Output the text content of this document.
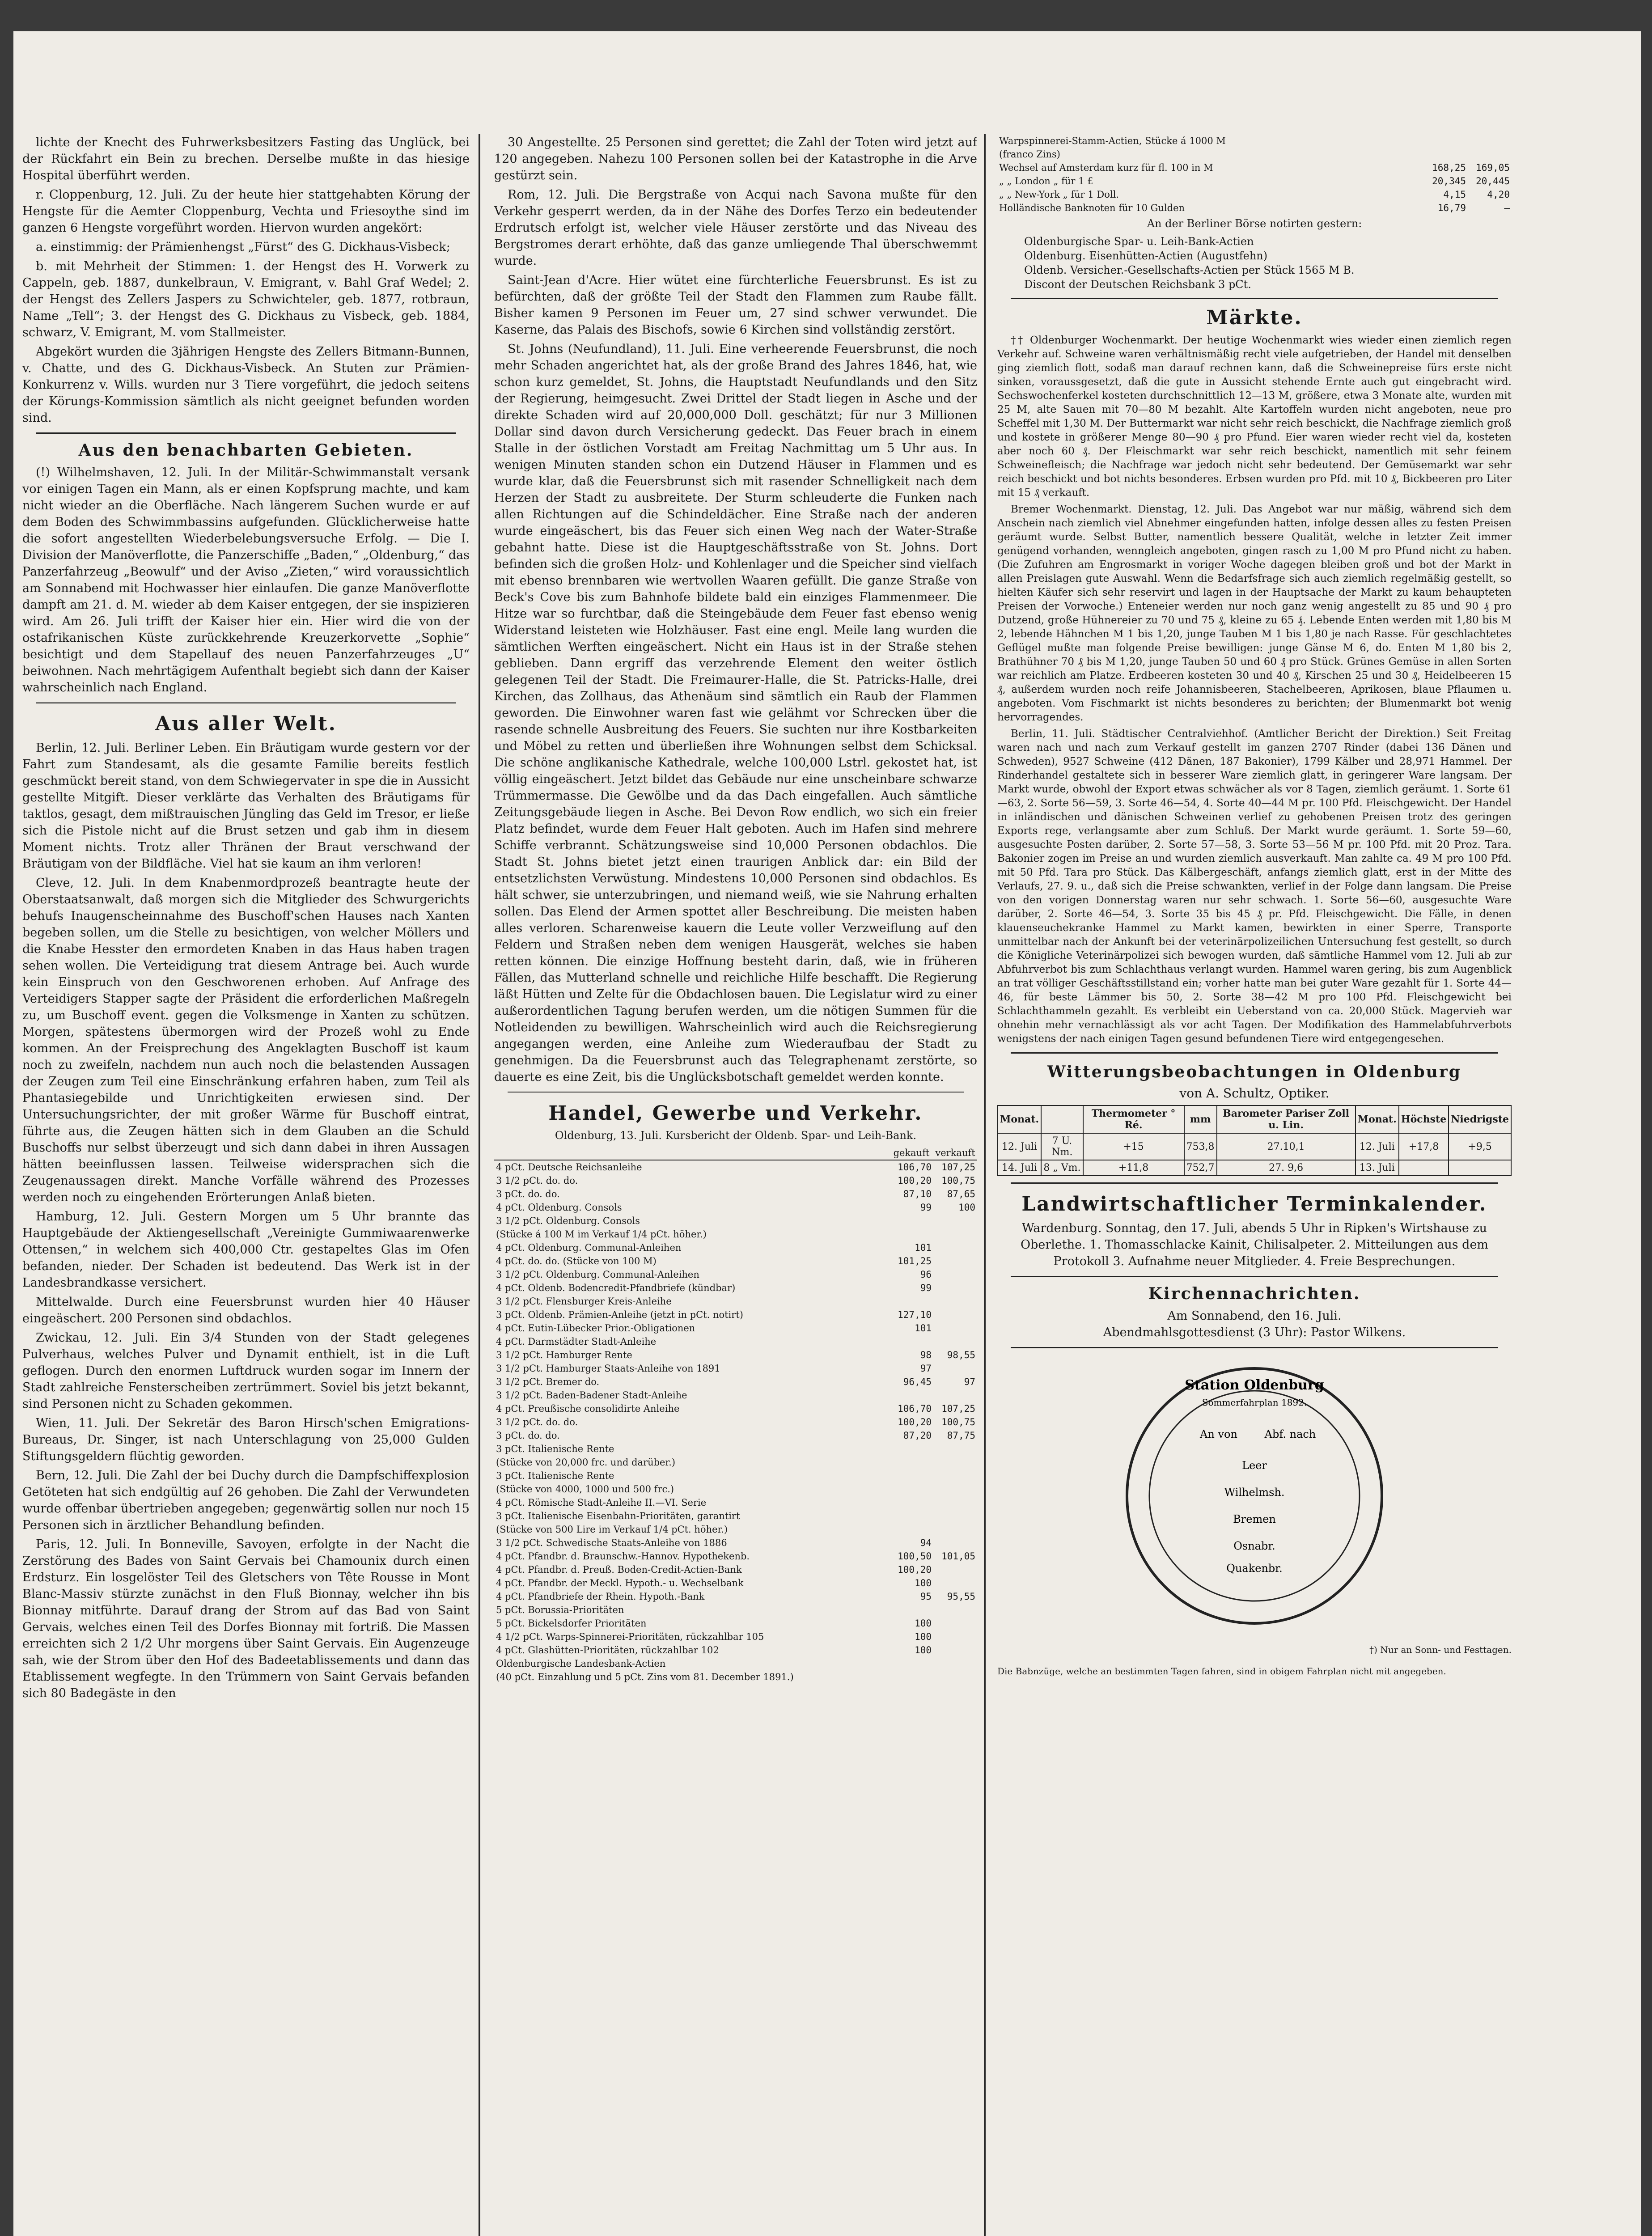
lichte der Knecht des Fuhrwerksbesitzers Fasting das Unglück, bei der Rückfahrt ein Bein zu brechen. Derselbe mußte in das hiesige Hospital überführt werden.

r. Cloppenburg, 12. Juli. Zu der heute hier stattgehabten Körung der Hengste für die Aemter Cloppenburg, Vechta und Friesoythe sind im ganzen 6 Hengste vorgeführt worden. Hiervon wurden angekört:

a. einstimmig: der Prämienhengst „Fürst“ des G. Dickhaus-Visbeck;

b. mit Mehrheit der Stimmen: 1. der Hengst des H. Vorwerk zu Cappeln, geb. 1887, dunkelbraun, V. Emigrant, v. Bahl Graf Wedel; 2. der Hengst des Zellers Jaspers zu Schwichteler, geb. 1877, rotbraun, Name „Tell“; 3. der Hengst des G. Dickhaus zu Visbeck, geb. 1884, schwarz, V. Emigrant, M. vom Stallmeister.

Abgekört wurden die 3jährigen Hengste des Zellers Bitmann-Bunnen, v. Chatte, und des G. Dickhaus-Visbeck. An Stuten zur Prämien-Konkurrenz v. Wills. wurden nur 3 Tiere vorgeführt, die jedoch seitens der Körungs-Kommission sämtlich als nicht geeignet befunden worden sind.

Aus den benachbarten Gebieten.

(!) Wilhelmshaven, 12. Juli. In der Militär-Schwimmanstalt versank vor einigen Tagen ein Mann, als er einen Kopfsprung machte, und kam nicht wieder an die Oberfläche. Nach längerem Suchen wurde er auf dem Boden des Schwimmbassins aufgefunden. Glücklicherweise hatte die sofort angestellten Wiederbelebungsversuche Erfolg. — Die I. Division der Manöverflotte, die Panzerschiffe „Baden,“ „Oldenburg,“ das Panzerfahrzeug „Beowulf“ und der Aviso „Zieten,“ wird voraussichtlich am Sonnabend mit Hochwasser hier einlaufen. Die ganze Manöverflotte dampft am 21. d. M. wieder ab dem Kaiser entgegen, der sie inspizieren wird. Am 26. Juli trifft der Kaiser hier ein. Hier wird die von der ostafrikanischen Küste zurückkehrende Kreuzerkorvette „Sophie“ besichtigt und dem Stapellauf des neuen Panzerfahrzeuges „U“ beiwohnen. Nach mehrtägigem Aufenthalt begiebt sich dann der Kaiser wahrscheinlich nach England.

Aus aller Welt.

Berlin, 12. Juli. Berliner Leben. Ein Bräutigam wurde gestern vor der Fahrt zum Standesamt, als die gesamte Familie bereits festlich geschmückt bereit stand, von dem Schwiegervater in spe die in Aussicht gestellte Mitgift. Dieser verklärte das Verhalten des Bräutigams für taktlos, gesagt, dem mißtrauischen Jüngling das Geld im Tresor, er ließe sich die Pistole nicht auf die Brust setzen und gab ihm in diesem Moment nichts. Trotz aller Thränen der Braut verschwand der Bräutigam von der Bildfläche. Viel hat sie kaum an ihm verloren!

Cleve, 12. Juli. In dem Knabenmordprozeß beantragte heute der Oberstaatsanwalt, daß morgen sich die Mitglieder des Schwurgerichts behufs Inaugenscheinnahme des Buschoff'schen Hauses nach Xanten begeben sollen, um die Stelle zu besichtigen, von welcher Möllers und die Knabe Hesster den ermordeten Knaben in das Haus haben tragen sehen wollen. Die Verteidigung trat diesem Antrage bei. Auch wurde kein Einspruch von den Geschworenen erhoben. Auf Anfrage des Verteidigers Stapper sagte der Präsident die erforderlichen Maßregeln zu, um Buschoff event. gegen die Volksmenge in Xanten zu schützen. Morgen, spätestens übermorgen wird der Prozeß wohl zu Ende kommen. An der Freisprechung des Angeklagten Buschoff ist kaum noch zu zweifeln, nachdem nun auch noch die belastenden Aussagen der Zeugen zum Teil eine Einschränkung erfahren haben, zum Teil als Phantasiegebilde und Unrichtigkeiten erwiesen sind. Der Untersuchungsrichter, der mit großer Wärme für Buschoff eintrat, führte aus, die Zeugen hätten sich in dem Glauben an die Schuld Buschoffs nur selbst überzeugt und sich dann dabei in ihren Aussagen hätten beeinflussen lassen. Teilweise widersprachen sich die Zeugenaussagen direkt. Manche Vorfälle während des Prozesses werden noch zu eingehenden Erörterungen Anlaß bieten.

Hamburg, 12. Juli. Gestern Morgen um 5 Uhr brannte das Hauptgebäude der Aktiengesellschaft „Vereinigte Gummiwaarenwerke Ottensen,“ in welchem sich 400,000 Ctr. gestapeltes Glas im Ofen befanden, nieder. Der Schaden ist bedeutend. Das Werk ist in der Landesbrandkasse versichert.

Mittelwalde. Durch eine Feuersbrunst wurden hier 40 Häuser eingeäschert. 200 Personen sind obdachlos.

Zwickau, 12. Juli. Ein 3/4 Stunden von der Stadt gelegenes Pulverhaus, welches Pulver und Dynamit enthielt, ist in die Luft geflogen. Durch den enormen Luftdruck wurden sogar im Innern der Stadt zahlreiche Fensterscheiben zertrümmert. Soviel bis jetzt bekannt, sind Personen nicht zu Schaden gekommen.

Wien, 11. Juli. Der Sekretär des Baron Hirsch'schen Emigrations-Bureaus, Dr. Singer, ist nach Unterschlagung von 25,000 Gulden Stiftungsgeldern flüchtig geworden.

Bern, 12. Juli. Die Zahl der bei Duchy durch die Dampfschiffexplosion Getöteten hat sich endgültig auf 26 gehoben. Die Zahl der Verwundeten wurde offenbar übertrieben angegeben; gegenwärtig sollen nur noch 15 Personen sich in ärztlicher Behandlung befinden.

Paris, 12. Juli. In Bonneville, Savoyen, erfolgte in der Nacht die Zerstörung des Bades von Saint Gervais bei Chamounix durch einen Erdsturz. Ein losgelöster Teil des Gletschers von Tête Rousse in Mont Blanc-Massiv stürzte zunächst in den Fluß Bionnay, welcher ihn bis Bionnay mitführte. Darauf drang der Strom auf das Bad von Saint Gervais, welches einen Teil des Dorfes Bionnay mit fortriß. Die Massen erreichten sich 2 1/2 Uhr morgens über Saint Gervais. Ein Augenzeuge sah, wie der Strom über den Hof des Badeetablissements und dann das Etablissement wegfegte. In den Trümmern von Saint Gervais befanden sich 80 Badegäste in den

30 Angestellte. 25 Personen sind gerettet; die Zahl der Toten wird jetzt auf 120 angegeben. Nahezu 100 Personen sollen bei der Katastrophe in die Arve gestürzt sein.

Rom, 12. Juli. Die Bergstraße von Acqui nach Savona mußte für den Verkehr gesperrt werden, da in der Nähe des Dorfes Terzo ein bedeutender Erdrutsch erfolgt ist, welcher viele Häuser zerstörte und das Niveau des Bergstromes derart erhöhte, daß das ganze umliegende Thal überschwemmt wurde.

Saint-Jean d'Acre. Hier wütet eine fürchterliche Feuersbrunst. Es ist zu befürchten, daß der größte Teil der Stadt den Flammen zum Raube fällt. Bisher kamen 9 Personen im Feuer um, 27 sind schwer verwundet. Die Kaserne, das Palais des Bischofs, sowie 6 Kirchen sind vollständig zerstört.

St. Johns (Neufundland), 11. Juli. Eine verheerende Feuersbrunst, die noch mehr Schaden angerichtet hat, als der große Brand des Jahres 1846, hat, wie schon kurz gemeldet, St. Johns, die Hauptstadt Neufundlands und den Sitz der Regierung, heimgesucht. Zwei Drittel der Stadt liegen in Asche und der direkte Schaden wird auf 20,000,000 Doll. geschätzt; für nur 3 Millionen Dollar sind davon durch Versicherung gedeckt. Das Feuer brach in einem Stalle in der östlichen Vorstadt am Freitag Nachmittag um 5 Uhr aus. In wenigen Minuten standen schon ein Dutzend Häuser in Flammen und es wurde klar, daß die Feuersbrunst sich mit rasender Schnelligkeit nach dem Herzen der Stadt zu ausbreitete. Der Sturm schleuderte die Funken nach allen Richtungen auf die Schindeldächer. Eine Straße nach der anderen wurde eingeäschert, bis das Feuer sich einen Weg nach der Water-Straße gebahnt hatte. Diese ist die Hauptgeschäftsstraße von St. Johns. Dort befinden sich die großen Holz- und Kohlenlager und die Speicher sind vielfach mit ebenso brennbaren wie wertvollen Waaren gefüllt. Die ganze Straße von Beck's Cove bis zum Bahnhofe bildete bald ein einziges Flammenmeer. Die Hitze war so furchtbar, daß die Steingebäude dem Feuer fast ebenso wenig Widerstand leisteten wie Holzhäuser. Fast eine engl. Meile lang wurden die sämtlichen Werften eingeäschert. Nicht ein Haus ist in der Straße stehen geblieben. Dann ergriff das verzehrende Element den weiter östlich gelegenen Teil der Stadt. Die Freimaurer-Halle, die St. Patricks-Halle, drei Kirchen, das Zollhaus, das Athenäum sind sämtlich ein Raub der Flammen geworden. Die Einwohner waren fast wie gelähmt vor Schrecken über die rasende schnelle Ausbreitung des Feuers. Sie suchten nur ihre Kostbarkeiten und Möbel zu retten und überließen ihre Wohnungen selbst dem Schicksal. Die schöne anglikanische Kathedrale, welche 100,000 Lstrl. gekostet hat, ist völlig eingeäschert. Jetzt bildet das Gebäude nur eine unscheinbare schwarze Trümmermasse. Die Gewölbe und da das Dach eingefallen. Auch sämtliche Zeitungsgebäude liegen in Asche. Bei Devon Row endlich, wo sich ein freier Platz befindet, wurde dem Feuer Halt geboten. Auch im Hafen sind mehrere Schiffe verbrannt. Schätzungsweise sind 10,000 Personen obdachlos. Die Stadt St. Johns bietet jetzt einen traurigen Anblick dar: ein Bild der entsetzlichsten Verwüstung. Mindestens 10,000 Personen sind obdachlos. Es hält schwer, sie unterzubringen, und niemand weiß, wie sie Nahrung erhalten sollen. Das Elend der Armen spottet aller Beschreibung. Die meisten haben alles verloren. Scharenweise kauern die Leute voller Verzweiflung auf den Feldern und Straßen neben dem wenigen Hausgerät, welches sie haben retten können. Die einzige Hoffnung besteht darin, daß, wie in früheren Fällen, das Mutterland schnelle und reichliche Hilfe beschafft. Die Regierung läßt Hütten und Zelte für die Obdachlosen bauen. Die Legislatur wird zu einer außerordentlichen Tagung berufen werden, um die nötigen Summen für die Notleidenden zu bewilligen. Wahrscheinlich wird auch die Reichsregierung angegangen werden, eine Anleihe zum Wiederaufbau der Stadt zu genehmigen. Da die Feuersbrunst auch das Telegraphenamt zerstörte, so dauerte es eine Zeit, bis die Unglücksbotschaft gemeldet werden konnte.

Handel, Gewerbe und Verkehr.
Oldenburg, 13. Juli. Kursbericht der Oldenb. Spar- und Leih-Bank.
	gekauft	verkauft
4 pCt. Deutsche Reichsanleihe	106,70	107,25
3 1/2 pCt. do. do.	100,20	100,75
3 pCt. do. do.	87,10	87,65
4 pCt. Oldenburg. Consols	99	100
3 1/2 pCt. Oldenburg. Consols		
(Stücke á 100 M im Verkauf 1/4 pCt. höher.)		
4 pCt. Oldenburg. Communal-Anleihen	101	
4 pCt. do. do. (Stücke von 100 M)	101,25	
3 1/2 pCt. Oldenburg. Communal-Anleihen	96	
4 pCt. Oldenb. Bodencredit-Pfandbriefe (kündbar)	99	
3 1/2 pCt. Flensburger Kreis-Anleihe		
3 pCt. Oldenb. Prämien-Anleihe (jetzt in pCt. notirt)	127,10	
4 pCt. Eutin-Lübecker Prior.-Obligationen	101	
4 pCt. Darmstädter Stadt-Anleihe		
3 1/2 pCt. Hamburger Rente	98	98,55
3 1/2 pCt. Hamburger Staats-Anleihe von 1891	97	
3 1/2 pCt. Bremer do.	96,45	97
3 1/2 pCt. Baden-Badener Stadt-Anleihe		
4 pCt. Preußische consolidirte Anleihe	106,70	107,25
3 1/2 pCt. do. do.	100,20	100,75
3 pCt. do. do.	87,20	87,75
3 pCt. Italienische Rente		
(Stücke von 20,000 frc. und darüber.)		
3 pCt. Italienische Rente		
(Stücke von 4000, 1000 und 500 frc.)		
4 pCt. Römische Stadt-Anleihe II.—VI. Serie		
3 pCt. Italienische Eisenbahn-Prioritäten, garantirt		
(Stücke von 500 Lire im Verkauf 1/4 pCt. höher.)		
3 1/2 pCt. Schwedische Staats-Anleihe von 1886	94	
4 pCt. Pfandbr. d. Braunschw.-Hannov. Hypothekenb.	100,50	101,05
4 pCt. Pfandbr. d. Preuß. Boden-Credit-Actien-Bank	100,20	
4 pCt. Pfandbr. der Meckl. Hypoth.- u. Wechselbank	100	
4 pCt. Pfandbriefe der Rhein. Hypoth.-Bank	95	95,55
5 pCt. Borussia-Prioritäten		
5 pCt. Bickelsdorfer Prioritäten	100	
4 1/2 pCt. Warps-Spinnerei-Prioritäten, rückzahlbar 105	100	
4 pCt. Glashütten-Prioritäten, rückzahlbar 102	100	
Oldenburgische Landesbank-Actien		
(40 pCt. Einzahlung und 5 pCt. Zins vom 81. December 1891.)		
Warpspinnerei-Stamm-Actien, Stücke á 1000 M		
(franco Zins)		
Wechsel auf Amsterdam kurz für fl. 100 in M	168,25	169,05
„ „ London „ für 1 £	20,345	20,445
„ „ New-York „ für 1 Doll.	4,15	4,20
Holländische Banknoten für 10 Gulden	16,79	—
An der Berliner Börse notirten gestern:
Oldenburgische Spar- u. Leih-Bank-Actien
Oldenburg. Eisenhütten-Actien (Augustfehn)
Oldenb. Versicher.-Gesellschafts-Actien per Stück 1565 M B.
Discont der Deutschen Reichsbank 3 pCt.
Märkte.

†† Oldenburger Wochenmarkt. Der heutige Wochenmarkt wies wieder einen ziemlich regen Verkehr auf. Schweine waren verhältnismäßig recht viele aufgetrieben, der Handel mit denselben ging ziemlich flott, sodaß man darauf rechnen kann, daß die Schweinepreise fürs erste nicht sinken, voraussgesetzt, daß die gute in Aussicht stehende Ernte auch gut eingebracht wird. Sechswochenferkel kosteten durchschnittlich 12—13 M, größere, etwa 3 Monate alte, wurden mit 25 M, alte Sauen mit 70—80 M bezahlt. Alte Kartoffeln wurden nicht angeboten, neue pro Scheffel mit 1,30 M. Der Buttermarkt war nicht sehr reich beschickt, die Nachfrage ziemlich groß und kostete in größerer Menge 80—90 ₰ pro Pfund. Eier waren wieder recht viel da, kosteten aber noch 60 ₰. Der Fleischmarkt war sehr reich beschickt, namentlich mit sehr feinem Schweinefleisch; die Nachfrage war jedoch nicht sehr bedeutend. Der Gemüsemarkt war sehr reich beschickt und bot nichts besonderes. Erbsen wurden pro Pfd. mit 10 ₰, Bickbeeren pro Liter mit 15 ₰ verkauft.

Bremer Wochenmarkt. Dienstag, 12. Juli. Das Angebot war nur mäßig, während sich dem Anschein nach ziemlich viel Abnehmer eingefunden hatten, infolge dessen alles zu festen Preisen geräumt wurde. Selbst Butter, namentlich bessere Qualität, welche in letzter Zeit immer genügend vorhanden, wenngleich angeboten, gingen rasch zu 1,00 M pro Pfund nicht zu haben. (Die Zufuhren am Engrosmarkt in voriger Woche dagegen bleiben groß und bot der Markt in allen Preislagen gute Auswahl. Wenn die Bedarfsfrage sich auch ziemlich regelmäßig gestellt, so hielten Käufer sich sehr reservirt und lagen in der Hauptsache der Markt zu kaum behaupteten Preisen der Vorwoche.) Enteneier werden nur noch ganz wenig angestellt zu 85 und 90 ₰ pro Dutzend, große Hühnereier zu 70 und 75 ₰, kleine zu 65 ₰. Lebende Enten werden mit 1,80 bis M 2, lebende Hähnchen M 1 bis 1,20, junge Tauben M 1 bis 1,80 je nach Rasse. Für geschlachtetes Geflügel mußte man folgende Preise bewilligen: junge Gänse M 6, do. Enten M 1,80 bis 2, Brathühner 70 ₰ bis M 1,20, junge Tauben 50 und 60 ₰ pro Stück. Grünes Gemüse in allen Sorten war reichlich am Platze. Erdbeeren kosteten 30 und 40 ₰, Kirschen 25 und 30 ₰, Heidelbeeren 15 ₰, außerdem wurden noch reife Johannisbeeren, Stachelbeeren, Aprikosen, blaue Pflaumen u. angeboten. Vom Fischmarkt ist nichts besonderes zu berichten; der Blumenmarkt bot wenig hervorragendes.

Berlin, 11. Juli. Städtischer Centralviehhof. (Amtlicher Bericht der Direktion.) Seit Freitag waren nach und nach zum Verkauf gestellt im ganzen 2707 Rinder (dabei 136 Dänen und Schweden), 9527 Schweine (412 Dänen, 187 Bakonier), 1799 Kälber und 28,971 Hammel. Der Rinderhandel gestaltete sich in besserer Ware ziemlich glatt, in geringerer Ware langsam. Der Markt wurde, obwohl der Export etwas schwächer als vor 8 Tagen, ziemlich geräumt. 1. Sorte 61—63, 2. Sorte 56—59, 3. Sorte 46—54, 4. Sorte 40—44 M pr. 100 Pfd. Fleischgewicht. Der Handel in inländischen und dänischen Schweinen verlief zu gehobenen Preisen trotz des geringen Exports rege, verlangsamte aber zum Schluß. Der Markt wurde geräumt. 1. Sorte 59—60, ausgesuchte Posten darüber, 2. Sorte 57—58, 3. Sorte 53—56 M pr. 100 Pfd. mit 20 Proz. Tara. Bakonier zogen im Preise an und wurden ziemlich ausverkauft. Man zahlte ca. 49 M pro 100 Pfd. mit 50 Pfd. Tara pro Stück. Das Kälbergeschäft, anfangs ziemlich glatt, erst in der Mitte des Verlaufs, 27. 9. u., daß sich die Preise schwankten, verlief in der Folge dann langsam. Die Preise von den vorigen Donnerstag waren nur sehr schwach. 1. Sorte 56—60, ausgesuchte Ware darüber, 2. Sorte 46—54, 3. Sorte 35 bis 45 ₰ pr. Pfd. Fleischgewicht. Die Fälle, in denen klauenseuchekranke Hammel zu Markt kamen, bewirkten in einer Sperre, Transporte unmittelbar nach der Ankunft bei der veterinärpolizeilichen Untersuchung fest gestellt, so durch die Königliche Veterinärpolizei sich bewogen wurden, daß sämtliche Hammel vom 12. Juli ab zur Abfuhrverbot bis zum Schlachthaus verlangt wurden. Hammel waren gering, bis zum Augenblick an trat völliger Geschäftsstillstand ein; vorher hatte man bei guter Ware gezahlt für 1. Sorte 44—46, für beste Lämmer bis 50, 2. Sorte 38—42 M pro 100 Pfd. Fleischgewicht bei Schlachthammeln gezahlt. Es verbleibt ein Ueberstand von ca. 20,000 Stück. Magervieh war ohnehin mehr vernachlässigt als vor acht Tagen. Der Modifikation des Hammelabfuhrverbots wenigstens der nach einigen Tagen gesund befundenen Tiere wird entgegengesehen.

Witterungsbeobachtungen in Oldenburg
von A. Schultz, Optiker.
Monat.		Thermometer ° Ré.	mm	Barometer Pariser Zoll u. Lin.	Monat.	Höchste	Niedrigste
12. Juli	7 U. Nm.	+15	753,8	27.10,1	12. Juli	+17,8	+9,5
14. Juli	8 „ Vm.	+11,8	752,7	27. 9,6	13. Juli		
Landwirtschaftlicher Terminkalender.
Wardenburg. Sonntag, den 17. Juli, abends 5 Uhr in Ripken's Wirtshause zu Oberlethe. 1. Thomasschlacke Kainit, Chilisalpeter. 2. Mitteilungen aus dem Protokoll 3. Aufnahme neuer Mitglieder. 4. Freie Besprechungen.
Kirchennachrichten.
Am Sonnabend, den 16. Juli.
Abendmahlsgottesdienst (3 Uhr): Pastor Wilkens.
Station Oldenburg
Sommerfahrplan 1892.
An von	Abf. nach
Leer
Wilhelmsh.
Bremen
Osnabr.
Quakenbr.
†) Nur an Sonn- und Festtagen.
Die Babnzüge, welche an bestimmten Tagen fahren, sind in obigem Fahrplan nicht mit angegeben.
